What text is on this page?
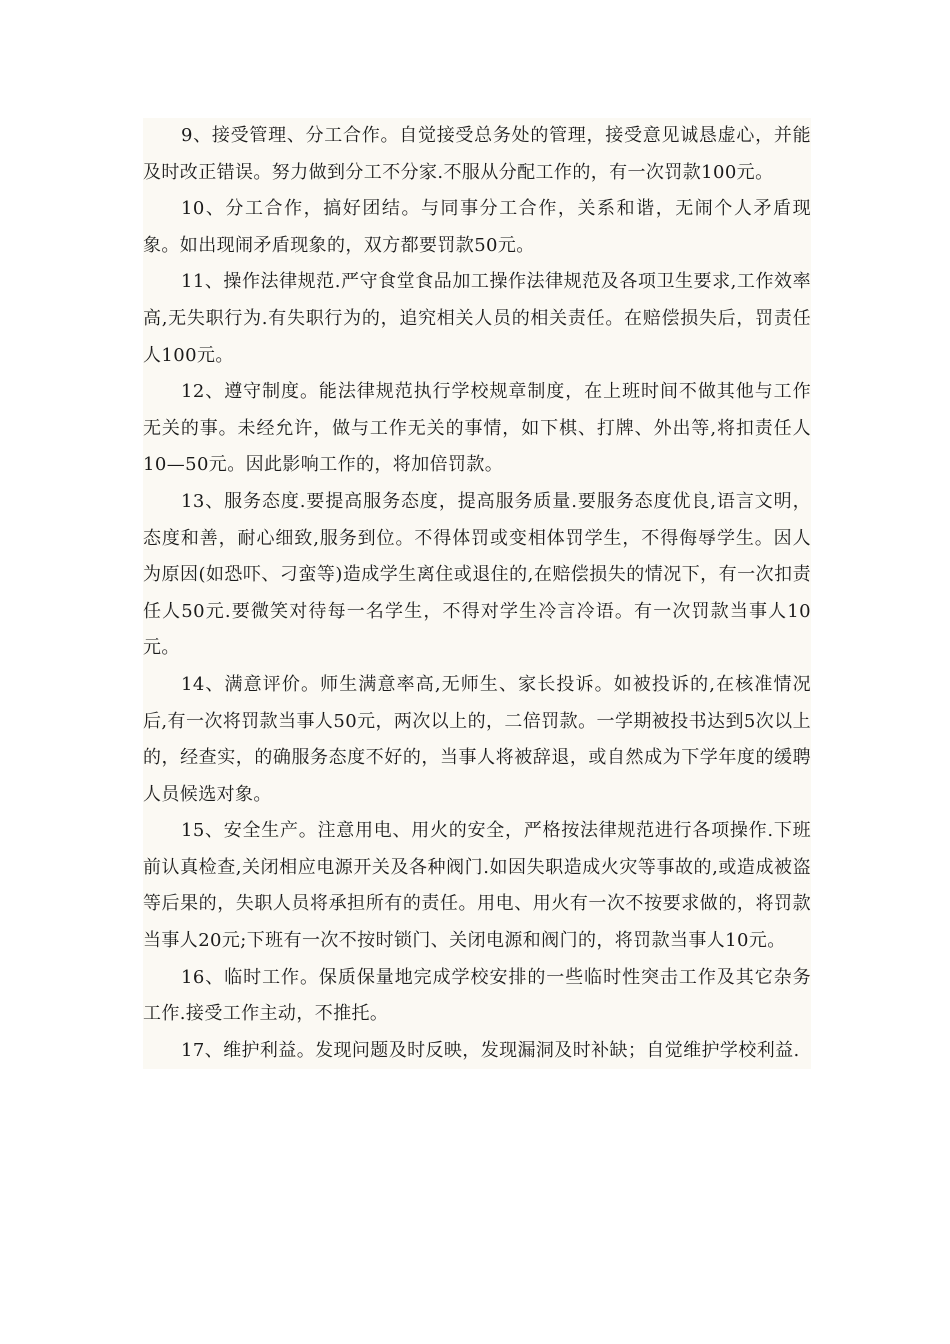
9、接受管理、分工合作。自觉接受总务处的管理，接受意见诚恳虚心，并能及时改正错误。努力做到分工不分家.不服从分配工作的，有一次罚款100元。

10、分工合作，搞好团结。与同事分工合作，关系和谐，无闹个人矛盾现象。如出现闹矛盾现象的，双方都要罚款50元。

11、操作法律规范.严守食堂食品加工操作法律规范及各项卫生要求,工作效率高,无失职行为.有失职行为的，追究相关人员的相关责任。在赔偿损失后，罚责任人100元。

12、遵守制度。能法律规范执行学校规章制度，在上班时间不做其他与工作无关的事。未经允许，做与工作无关的事情，如下棋、打牌、外出等,将扣责任人10—50元。因此影响工作的，将加倍罚款。

13、服务态度.要提高服务态度，提高服务质量.要服务态度优良,语言文明，态度和善，耐心细致,服务到位。不得体罚或变相体罚学生，不得侮辱学生。因人为原因(如恐吓、刁蛮等)造成学生离住或退住的,在赔偿损失的情况下，有一次扣责任人50元.要微笑对待每一名学生，不得对学生冷言冷语。有一次罚款当事人10元。

14、满意评价。师生满意率高,无师生、家长投诉。如被投诉的,在核准情况后,有一次将罚款当事人50元，两次以上的，二倍罚款。一学期被投书达到5次以上的，经查实，的确服务态度不好的，当事人将被辞退，或自然成为下学年度的缓聘人员候选对象。

15、安全生产。注意用电、用火的安全，严格按法律规范进行各项操作.下班前认真检查,关闭相应电源开关及各种阀门.如因失职造成火灾等事故的,或造成被盗等后果的，失职人员将承担所有的责任。用电、用火有一次不按要求做的，将罚款当事人20元;下班有一次不按时锁门、关闭电源和阀门的，将罚款当事人10元。

16、临时工作。保质保量地完成学校安排的一些临时性突击工作及其它杂务工作.接受工作主动，不推托。

17、维护利益。发现问题及时反映，发现漏洞及时补缺；自觉维护学校利益.
